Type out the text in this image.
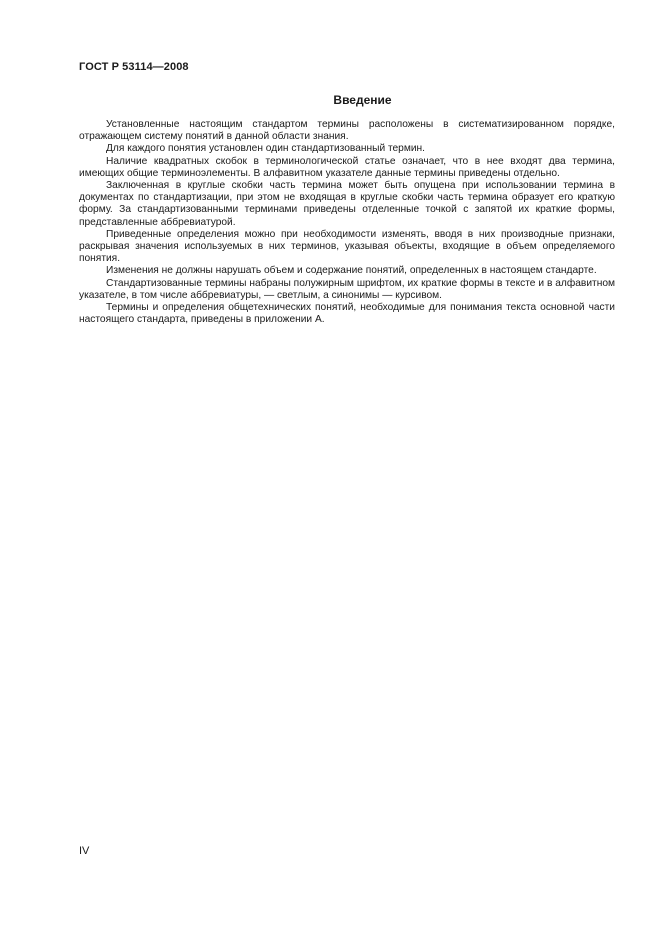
ГОСТ Р 53114—2008
Введение

Установленные настоящим стандартом термины расположены в систематизированном порядке, отражающем систему понятий в данной области знания.

Для каждого понятия установлен один стандартизованный термин.

Наличие квадратных скобок в терминологической статье означает, что в нее входят два термина, имеющих общие терминоэлементы. В алфавитном указателе данные термины приведены отдельно.

Заключенная в круглые скобки часть термина может быть опущена при использовании термина в документах по стандартизации, при этом не входящая в круглые скобки часть термина образует его краткую форму. За стандартизованными терминами приведены отделенные точкой с запятой их краткие формы, представленные аббревиатурой.

Приведенные определения можно при необходимости изменять, вводя в них производные признаки, раскрывая значения используемых в них терминов, указывая объекты, входящие в объем определяемого понятия.

Изменения не должны нарушать объем и содержание понятий, определенных в настоящем стандарте.

Стандартизованные термины набраны полужирным шрифтом, их краткие формы в тексте и в алфавитном указателе, в том числе аббревиатуры, — светлым, а синонимы — курсивом.

Термины и определения общетехнических понятий, необходимые для понимания текста основной части настоящего стандарта, приведены в приложении А.

IV
